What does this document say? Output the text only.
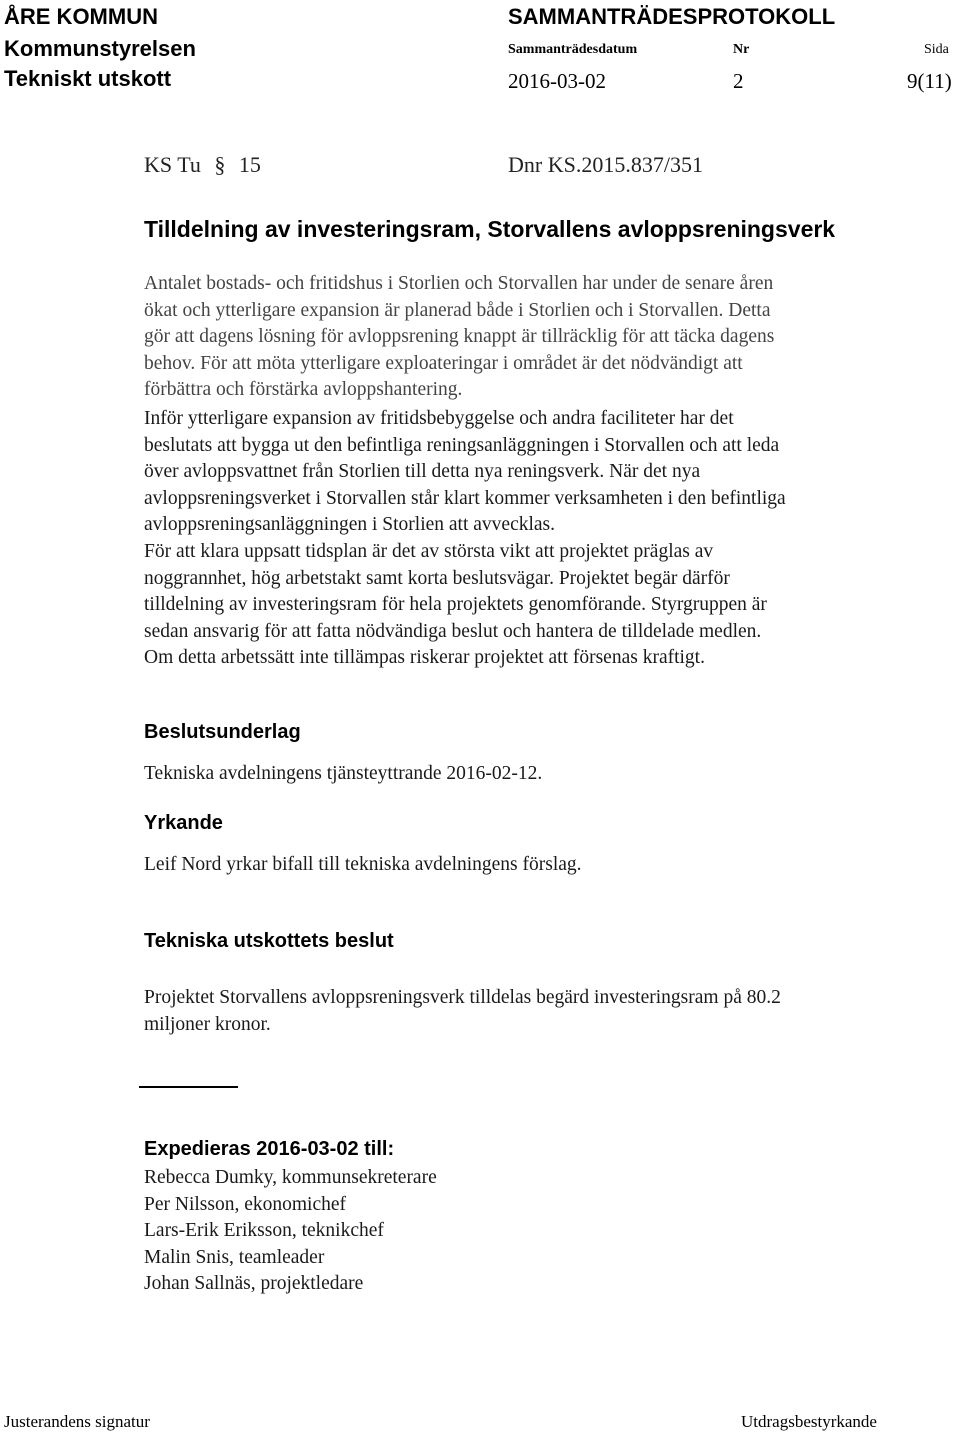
ÅRE KOMMUN	SAMMANTRÄDESPROTOKOLL
Kommunstyrelsen	Sammanträdesdatum	Nr	Sida
Tekniskt utskott	2016-03-02	2	9(11)
KS Tu § 15	Dnr KS.2015.837/351
Tilldelning av investeringsram, Storvallens avloppsreningsverk
Antalet bostads- och fritidshus i Storlien och Storvallen har under de senare åren
ökat och ytterligare expansion är planerad både i Storlien och i Storvallen. Detta
gör att dagens lösning för avloppsrening knappt är tillräcklig för att täcka dagens
behov. För att möta ytterligare exploateringar i området är det nödvändigt att
förbättra och förstärka avloppshantering.
Inför ytterligare expansion av fritidsbebyggelse och andra faciliteter har det
beslutats att bygga ut den befintliga reningsanläggningen i Storvallen och att leda
över avloppsvattnet från Storlien till detta nya reningsverk. När det nya
avloppsreningsverket i Storvallen står klart kommer verksamheten i den befintliga
avloppsreningsanläggningen i Storlien att avvecklas.
För att klara uppsatt tidsplan är det av största vikt att projektet präglas av
noggrannhet, hög arbetstakt samt korta beslutsvägar. Projektet begär därför
tilldelning av investeringsram för hela projektets genomförande. Styrgruppen är
sedan ansvarig för att fatta nödvändiga beslut och hantera de tilldelade medlen.
Om detta arbetssätt inte tillämpas riskerar projektet att försenas kraftigt.
Beslutsunderlag
Tekniska avdelningens tjänsteyttrande 2016-02-12.
Yrkande
Leif Nord yrkar bifall till tekniska avdelningens förslag.
Tekniska utskottets beslut
Projektet Storvallens avloppsreningsverk tilldelas begärd investeringsram på 80.2
miljoner kronor.
Expedieras 2016-03-02 till:
Rebecca Dumky, kommunsekreterare
Per Nilsson, ekonomichef
Lars-Erik Eriksson, teknikchef
Malin Snis, teamleader
Johan Sallnäs, projektledare
Justerandens signatur	Utdragsbestyrkande
